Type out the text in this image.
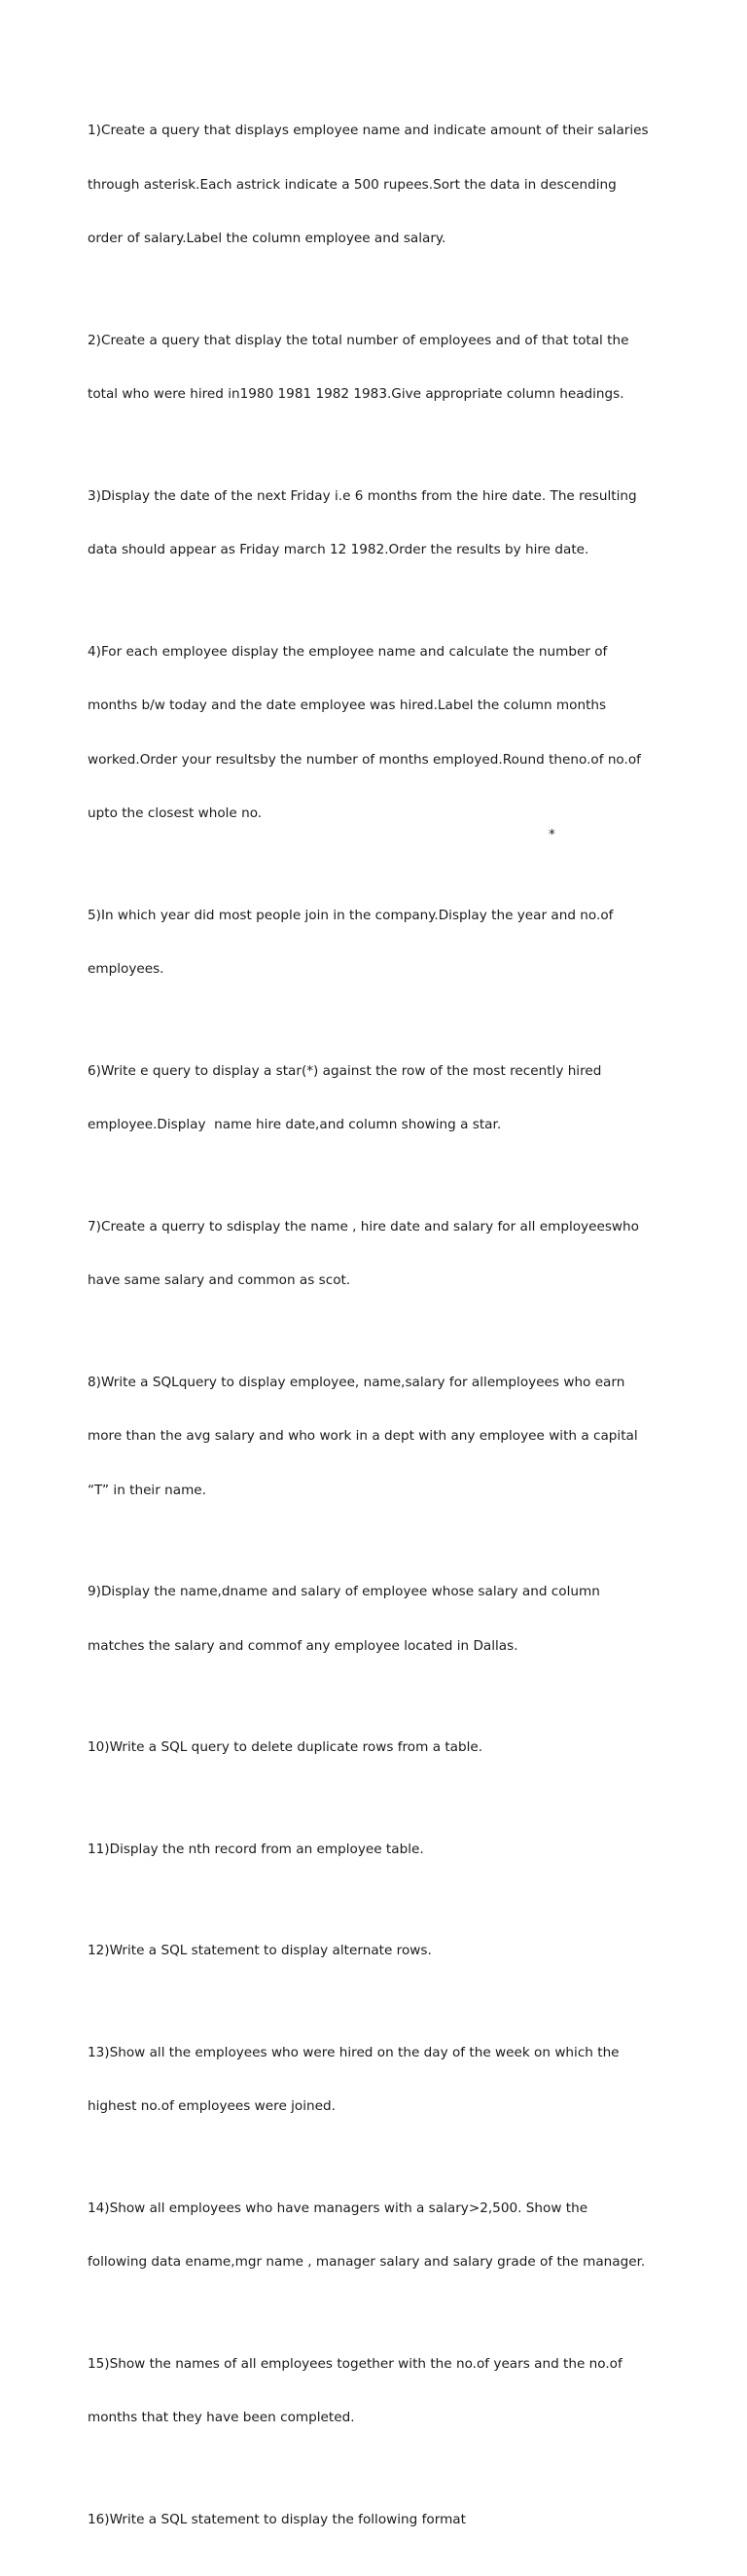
1)Create a query that displays employee name and indicate amount of their salaries

through asterisk.Each astrick indicate a 500 rupees.Sort the data in descending

order of salary.Label the column employee and salary.

2)Create a query that display the total number of employees and of that total the

total who were hired in1980 1981 1982 1983.Give appropriate column headings.

3)Display the date of the next Friday i.e 6 months from the hire date. The resulting

data should appear as Friday march 12 1982.Order the results by hire date.

4)For each employee display the employee name and calculate the number of

months b/w today and the date employee was hired.Label the column months

worked.Order your resultsby the number of months employed.Round theno.of no.of

upto the closest whole no.

5)In which year did most people join in the company.Display the year and no.of

employees.

6)Write e query to display a star(*) against the row of the most recently hired

employee.Display  name hire date,and column showing a star.

7)Create a querry to sdisplay the name , hire date and salary for all employeeswho

have same salary and common as scot.

8)Write a SQLquery to display employee, name,salary for allemployees who earn

more than the avg salary and who work in a dept with any employee with a capital

“T” in their name.

9)Display the name,dname and salary of employee whose salary and column

matches the salary and commof any employee located in Dallas.

10)Write a SQL query to delete duplicate rows from a table.

11)Display the nth record from an employee table.

12)Write a SQL statement to display alternate rows.

13)Show all the employees who were hired on the day of the week on which the

highest no.of employees were joined.

14)Show all employees who have managers with a salary>2,500. Show the

following data ename,mgr name , manager salary and salary grade of the manager.

15)Show the names of all employees together with the no.of years and the no.of

months that they have been completed.

16)Write a SQL statement to display the following format

*
